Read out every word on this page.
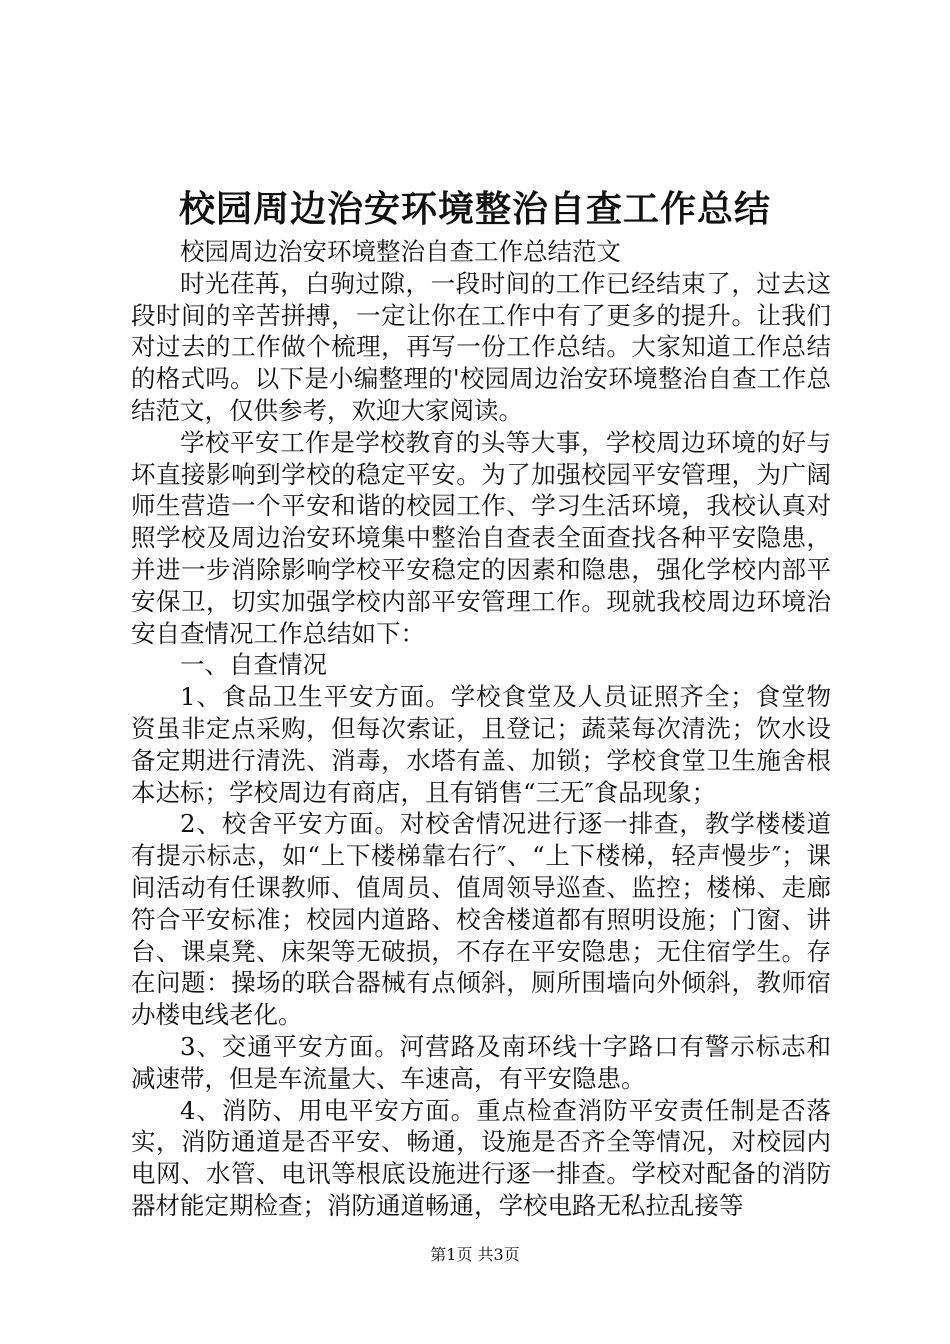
校园周边治安环境整治自查工作总结

校园周边治安环境整治自查工作总结范文

时光荏苒，白驹过隙，一段时间的工作已经结束了，过去这段时间的辛苦拼搏，一定让你在工作中有了更多的提升。让我们对过去的工作做个梳理，再写一份工作总结。大家知道工作总结的格式吗。以下是小编整理的'校园周边治安环境整治自查工作总结范文，仅供参考，欢迎大家阅读。

学校平安工作是学校教育的头等大事，学校周边环境的好与坏直接影响到学校的稳定平安。为了加强校园平安管理，为广阔师生营造一个平安和谐的校园工作、学习生活环境，我校认真对照学校及周边治安环境集中整治自查表全面查找各种平安隐患，并进一步消除影响学校平安稳定的因素和隐患，强化学校内部平安保卫，切实加强学校内部平安管理工作。现就我校周边环境治安自查情况工作总结如下：

一、自查情况

1、食品卫生平安方面。学校食堂及人员证照齐全；食堂物资虽非定点采购，但每次索证，且登记；蔬菜每次清洗；饮水设备定期进行清洗、消毒，水塔有盖、加锁；学校食堂卫生施舍根本达标；学校周边有商店，且有销售“三无″食品现象；

2、校舍平安方面。对校舍情况进行逐一排查，教学楼楼道有提示标志，如“上下楼梯靠右行″、“上下楼梯，轻声慢步″；课间活动有任课教师、值周员、值周领导巡查、监控；楼梯、走廊符合平安标准；校园内道路、校舍楼道都有照明设施；门窗、讲台、课桌凳、床架等无破损，不存在平安隐患；无住宿学生。存在问题：操场的联合器械有点倾斜，厕所围墙向外倾斜，教师宿办楼电线老化。

3、交通平安方面。河营路及南环线十字路口有警示标志和减速带，但是车流量大、车速高，有平安隐患。

4、消防、用电平安方面。重点检查消防平安责任制是否落实，消防通道是否平安、畅通，设施是否齐全等情况，对校园内电网、水管、电讯等根底设施进行逐一排查。学校对配备的消防器材能定期检查；消防通道畅通，学校电路无私拉乱接等

第1页 共3页
